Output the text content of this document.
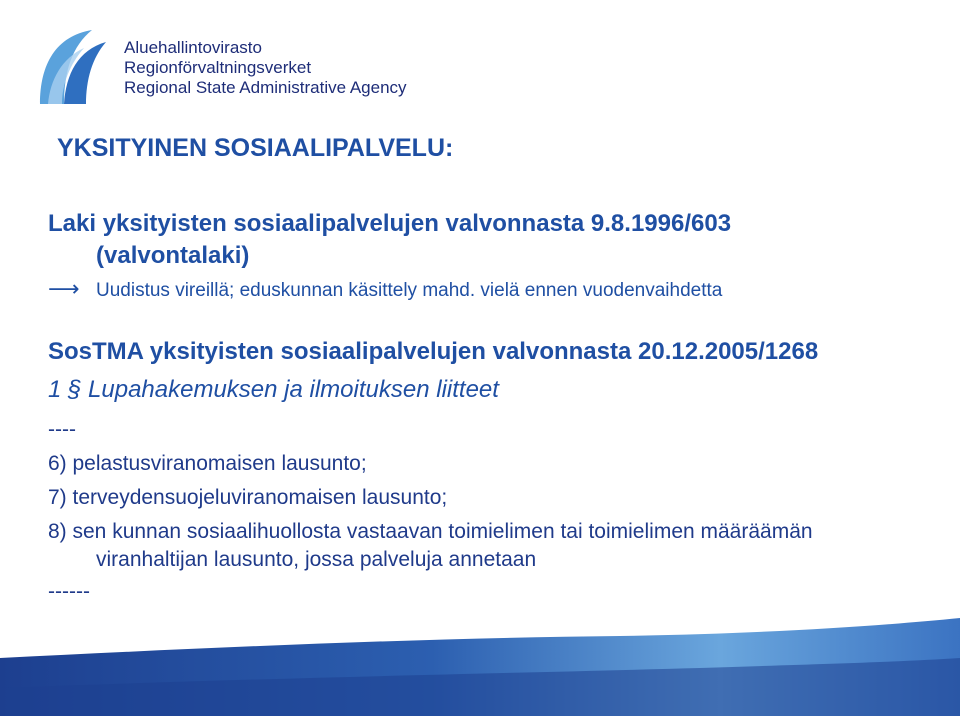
Aluehallintovirasto
Regionförvaltningsverket
Regional State Administrative Agency
YKSITYINEN SOSIAALIPALVELU:
Laki yksityisten sosiaalipalvelujen valvonnasta 9.8.1996/603
(valvontalaki)
⟶ Uudistus vireillä; eduskunnan käsittely mahd. vielä ennen vuodenvaihdetta
SosTMA yksityisten sosiaalipalvelujen valvonnasta 20.12.2005/1268
1 § Lupahakemuksen ja ilmoituksen liitteet
----
6) pelastusviranomaisen lausunto;
7) terveydensuojeluviranomaisen lausunto;
8) sen kunnan sosiaalihuollosta vastaavan toimielimen tai toimielimen määräämän
viranhaltijan lausunto, jossa palveluja annetaan
------
